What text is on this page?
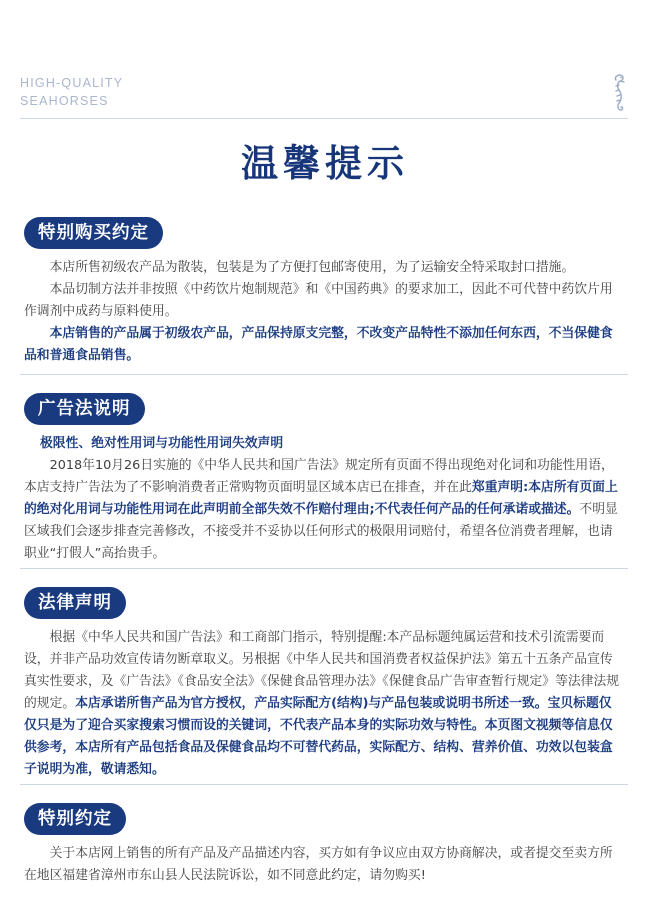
HIGH-QUALITY
SEAHORSES
温馨提示
特别购买约定

本店所售初级农产品为散装，包装是为了方便打包邮寄使用，为了运输安全特采取封口措施。

本品切制方法并非按照《中药饮片炮制规范》和《中国药典》的要求加工，因此不可代替中药饮片用作调剂中成药与原料使用。

本店销售的产品属于初级农产品，产品保持原支完整，不改变产品特性不添加任何东西，不当保健食品和普通食品销售。

广告法说明

极限性、绝对性用词与功能性用词失效声明

2018年10月26日实施的《中华人民共和国广告法》规定所有页面不得出现绝对化词和功能性用语，本店支持广告法为了不影响消费者正常购物页面明显区域本店已在排查，并在此郑重声明:本店所有页面上的绝对化用词与功能性用词在此声明前全部失效不作赔付理由;不代表任何产品的任何承诺或描述。不明显区域我们会逐步排查完善修改，不接受并不妥协以任何形式的极限用词赔付，希望各位消费者理解，也请职业“打假人”高抬贵手。

法律声明

根据《中华人民共和国广告法》和工商部门指示，特别提醒:本产品标题纯属运营和技术引流需要而设，并非产品功效宣传请勿断章取义。另根据《中华人民共和国消费者权益保护法》第五十五条产品宣传真实性要求，及《广告法》《食品安全法》《保健食品管理办法》《保健食品广告审查暂行规定》等法律法规的规定。本店承诺所售产品为官方授权，产品实际配方(结构)与产品包装或说明书所述一致。宝贝标题仅仅只是为了迎合买家搜索习惯而设的关键词，不代表产品本身的实际功效与特性。本页图文视频等信息仅供参考，本店所有产品包括食品及保健食品均不可替代药品，实际配方、结构、营养价值、功效以包装盒子说明为准，敬请悉知。

特别约定

关于本店网上销售的所有产品及产品描述内容，买方如有争议应由双方协商解决，或者提交至卖方所在地区福建省漳州市东山县人民法院诉讼，如不同意此约定，请勿购买!
